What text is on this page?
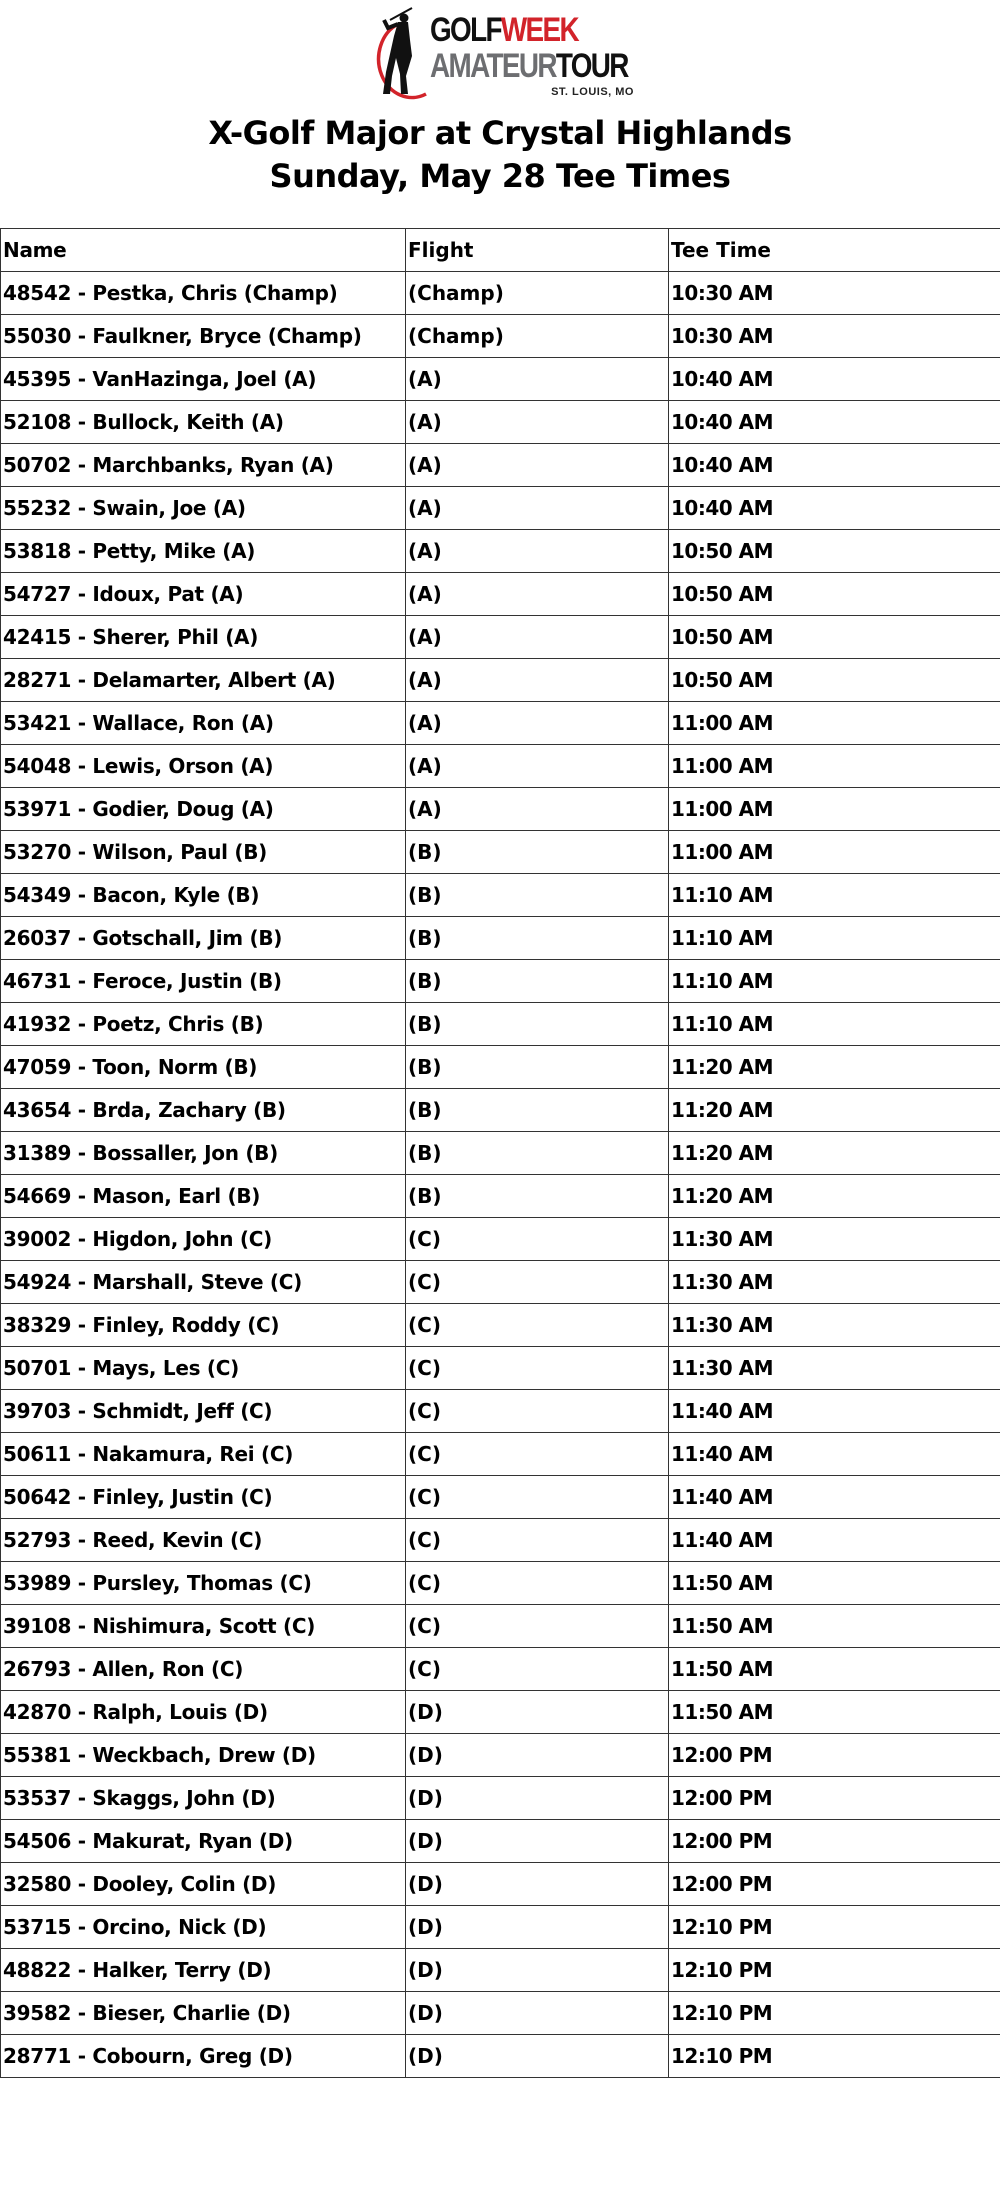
GOLFWEEK
AMATEURTOUR
ST. LOUIS, MO
X-Golf Major at Crystal Highlands
Sunday, May 28 Tee Times
Name	Flight	Tee Time
48542 - Pestka, Chris (Champ)	(Champ)	10:30 AM
55030 - Faulkner, Bryce (Champ)	(Champ)	10:30 AM
45395 - VanHazinga, Joel (A)	(A)	10:40 AM
52108 - Bullock, Keith (A)	(A)	10:40 AM
50702 - Marchbanks, Ryan (A)	(A)	10:40 AM
55232 - Swain, Joe (A)	(A)	10:40 AM
53818 - Petty, Mike (A)	(A)	10:50 AM
54727 - Idoux, Pat (A)	(A)	10:50 AM
42415 - Sherer, Phil (A)	(A)	10:50 AM
28271 - Delamarter, Albert (A)	(A)	10:50 AM
53421 - Wallace, Ron (A)	(A)	11:00 AM
54048 - Lewis, Orson (A)	(A)	11:00 AM
53971 - Godier, Doug (A)	(A)	11:00 AM
53270 - Wilson, Paul (B)	(B)	11:00 AM
54349 - Bacon, Kyle (B)	(B)	11:10 AM
26037 - Gotschall, Jim (B)	(B)	11:10 AM
46731 - Feroce, Justin (B)	(B)	11:10 AM
41932 - Poetz, Chris (B)	(B)	11:10 AM
47059 - Toon, Norm (B)	(B)	11:20 AM
43654 - Brda, Zachary (B)	(B)	11:20 AM
31389 - Bossaller, Jon (B)	(B)	11:20 AM
54669 - Mason, Earl (B)	(B)	11:20 AM
39002 - Higdon, John (C)	(C)	11:30 AM
54924 - Marshall, Steve (C)	(C)	11:30 AM
38329 - Finley, Roddy (C)	(C)	11:30 AM
50701 - Mays, Les (C)	(C)	11:30 AM
39703 - Schmidt, Jeff (C)	(C)	11:40 AM
50611 - Nakamura, Rei (C)	(C)	11:40 AM
50642 - Finley, Justin (C)	(C)	11:40 AM
52793 - Reed, Kevin (C)	(C)	11:40 AM
53989 - Pursley, Thomas (C)	(C)	11:50 AM
39108 - Nishimura, Scott (C)	(C)	11:50 AM
26793 - Allen, Ron (C)	(C)	11:50 AM
42870 - Ralph, Louis (D)	(D)	11:50 AM
55381 - Weckbach, Drew (D)	(D)	12:00 PM
53537 - Skaggs, John (D)	(D)	12:00 PM
54506 - Makurat, Ryan (D)	(D)	12:00 PM
32580 - Dooley, Colin (D)	(D)	12:00 PM
53715 - Orcino, Nick (D)	(D)	12:10 PM
48822 - Halker, Terry (D)	(D)	12:10 PM
39582 - Bieser, Charlie (D)	(D)	12:10 PM
28771 - Cobourn, Greg (D)	(D)	12:10 PM
